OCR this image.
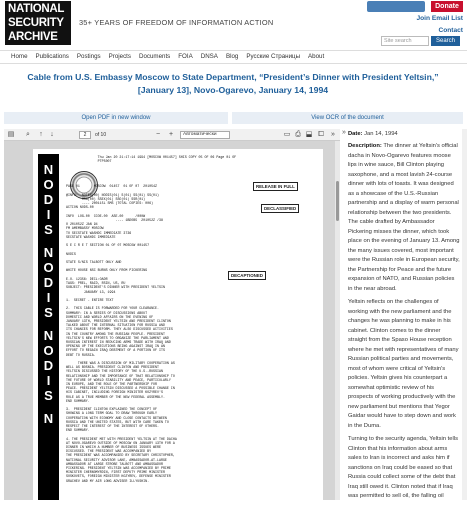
NATIONAL
SECURITY
ARCHIVE
35+ YEARS OF FREEDOM OF INFORMATION ACTION
Donate
Join Email List
Contact
Site search	Search
Home Publications Postings Projects Documents FOIA DNSA Blog Русские Страницы About
Cable from U.S. Embassy Moscow to State Department, “President’s Dinner with President Yeltsin,” [January 13], Novo-Ogarevo, January 14, 1994
Open PDF in new window	View OCR of the document
▤ ⌕	↑	↓	2	of 10	− +	Автоматически	▭ ⎙ ⬓ ⧠ »
N
O
D
I
S
N
O
D
I
S
N
O
D
I
S
N
Thu Jan 20 21:17:14 1994 [MOSCOW 001457] SHIS COPY 05 OF 06 Page 01 OF
PTP5007

PAGE 01       MOSCOW  01457  01 OF 07  201054Z

@INFO:  NOTES(00) NODIS(01) S(01) SS(01) SS(01)
MSG(00) SSEX(01) SSO(01) SSR(01)
---- 200115L SMS (TOTAL COPIES: 006)
ACTION NODS-00

INFO  LOG-00  CCOE-00  ASE-00      /000W
---- 1BDOB5  201052Z /38
O 201052Z JAN 94
FM AMEMBASSY MOSCOW
TO SECSTATE WASHDC IMMEDIATE 3736
SECSTATE WASHDC IMMEDIATE

S E C R E T SECTION 01 OF 07 MOSCOW 001457

NODIS

STATE S/NIS TALBOTT ONLY AND

WHITE HOUSE NSC BURNS ONLY FROM PICKERING

E.O. 12356: DECL:OADR
TAGS: PREL, RAID, RSIN, US, RU
SUBJECT: PRESIDENT'S DINNER WITH PRESIDENT YELTSIN
JANUARY 13, 1994

1.  SECRET - ENTIRE TEXT

2.  THIS CABLE IS FORWARDED FOR YOUR CLEARANCE.
SUMMARY: IN A SERIES OF DISCUSSIONS ABOUT
DOMESTIC AND WORLD AFFAIRS ON THE EVENING OF
JANUARY 13TH, PRESIDENT YELTSIN AND PRESIDENT CLINTON
TALKED ABOUT THE INTERNAL SITUATION FOR RUSSIA AND
ITS CHANCES FOR REFORM. THEY ALSO DISCUSSED ACTIVITIES
IN THE COUNTRY AMONG THE RUSSIAN PEOPLE. PRESIDENT
YELTSIN'S NEW EFFORTS TO ORGANIZE THE PARLIAMENT AND
RUSSIAN INTEREST IN REDUCING ARMS TRADE WITH IRAQ AND
OPENING UP THE EXECUTIONS BEING AGAINST IRAQ IN AN
EFFORT TO REGAIN IRAQ DEBTMENT OF A PORTION OF ITS
DEBT TO RUSSIA.

THERE WAS A DISCUSSION OF MILITARY COOPERATION AS
WELL AS BOSNIA. PRESIDENT CLINTON AND PRESIDENT
YELTSIN DISCUSSED THE HISTORY OF THE U.S.-RUSSIAN
RELATIONSHIP AND THE IMPORTANCE OF THAT RELATIONSHIP TO
THE FUTURE OF WORLD STABILITY AND PEACE, PARTICULARLY
IN EUROPE, AND THE ROLE OF THE PARTNERSHIP FOR
PEACE. PRESIDENT YELTSIN DISCUSSED A POSSIBLE CHANGE IN
HIS CABINET, INCLUDING FOREIGN MINISTER KOZYREV'S
ROLE AS A TRUE MEMBER OF THE NEW FEDERAL ASSEMBLY.
END SUMMARY.

3.  PRESIDENT CLINTON EXPLAINED THE CONCEPT OF
SHOWING A LONG TERM GOAL TO DRAW THROUGH EARLY
COOPERATION WITH ECONOMY AND CLOSE CONTACTS BETWEEN
RUSSIA AND THE UNITED STATES, BUT WITH CARE TAKEN TO
RESPECT THE INTEREST OF THE INTEREST OF OTHERS.
END SUMMARY.

4. THE PRESIDENT MET WITH PRESIDENT YELTSIN AT THE DACHA
AT NOVO-OGAREVO OUTSIDE OF MOSCOW ON JANUARY 13TH FOR A
DINNER IN WHICH A NUMBER OF BUSINESS ISSUES WERE
DISCUSSED. THE PRESIDENT WAS ACCOMPANIED BY
THE PRESIDENT WAS ACCOMPANIED BY SECRETARY CHRISTOPHER,
NATIONAL SECURITY ADVISOR LAKE, AMBASSADOR-AT-LARGE
AMBASSADOR AT LARGE STROBE TALBOTT AND AMBASSADOR
PICKERING. PRESIDENT YELTSIN WAS ACCOMPANIED BY PRIME
MINISTER CHERNOMYRDIN, FIRST DEPUTY PRIME MINISTER
SOSKOVETS, FOREIGN MINISTER KOZYREV, DEFENSE MINISTER
GRACHEV AND MY AIR LONG ADVISER ILLYUSHIN.
RELEASE IN FULL
DECLASSIFIED
DECAPTIONED
» Date: Jan 14, 1994

Description: The dinner at Yeltsin's official dacha in Novo-Ogarevo features moose lips in wine sauce, Bill Clinton playing saxophone, and a most lavish 24-course dinner with lots of toasts. It was designed as a showcase of the U.S.-Russian partnership and a display of warm personal relationship between the two presidents. The cable drafted by Ambassador Pickering misses the dinner, which took place on the evening of January 13. Among the many issues covered, most important were the Russian role in European security, the Partnership for Peace and the future expansion of NATO, and Russian policies in the near abroad.

Yeltsin reflects on the challenges of working with the new parliament and the changes he was planning to make in his cabinet. Clinton comes to the dinner straight from the Spaso House reception where he met with representatives of many Russian political parties and movements, most of whom were critical of Yeltsin's policies. Yeltsin gives his counterpart a somewhat optimistic review of his prospects of working productively with the new parliament but mentions that Yegor Gaidar would have to step down and work in the Duma.

Turning to the security agenda, Yeltsin tells Clinton that his information about arms sales to Iran is incorrect and asks him if sanctions on Iraq could be eased so that Russia could collect some of the debt that Iraq still owed it. Clinton noted that if Iraq was permitted to sell oil, the falling oil
